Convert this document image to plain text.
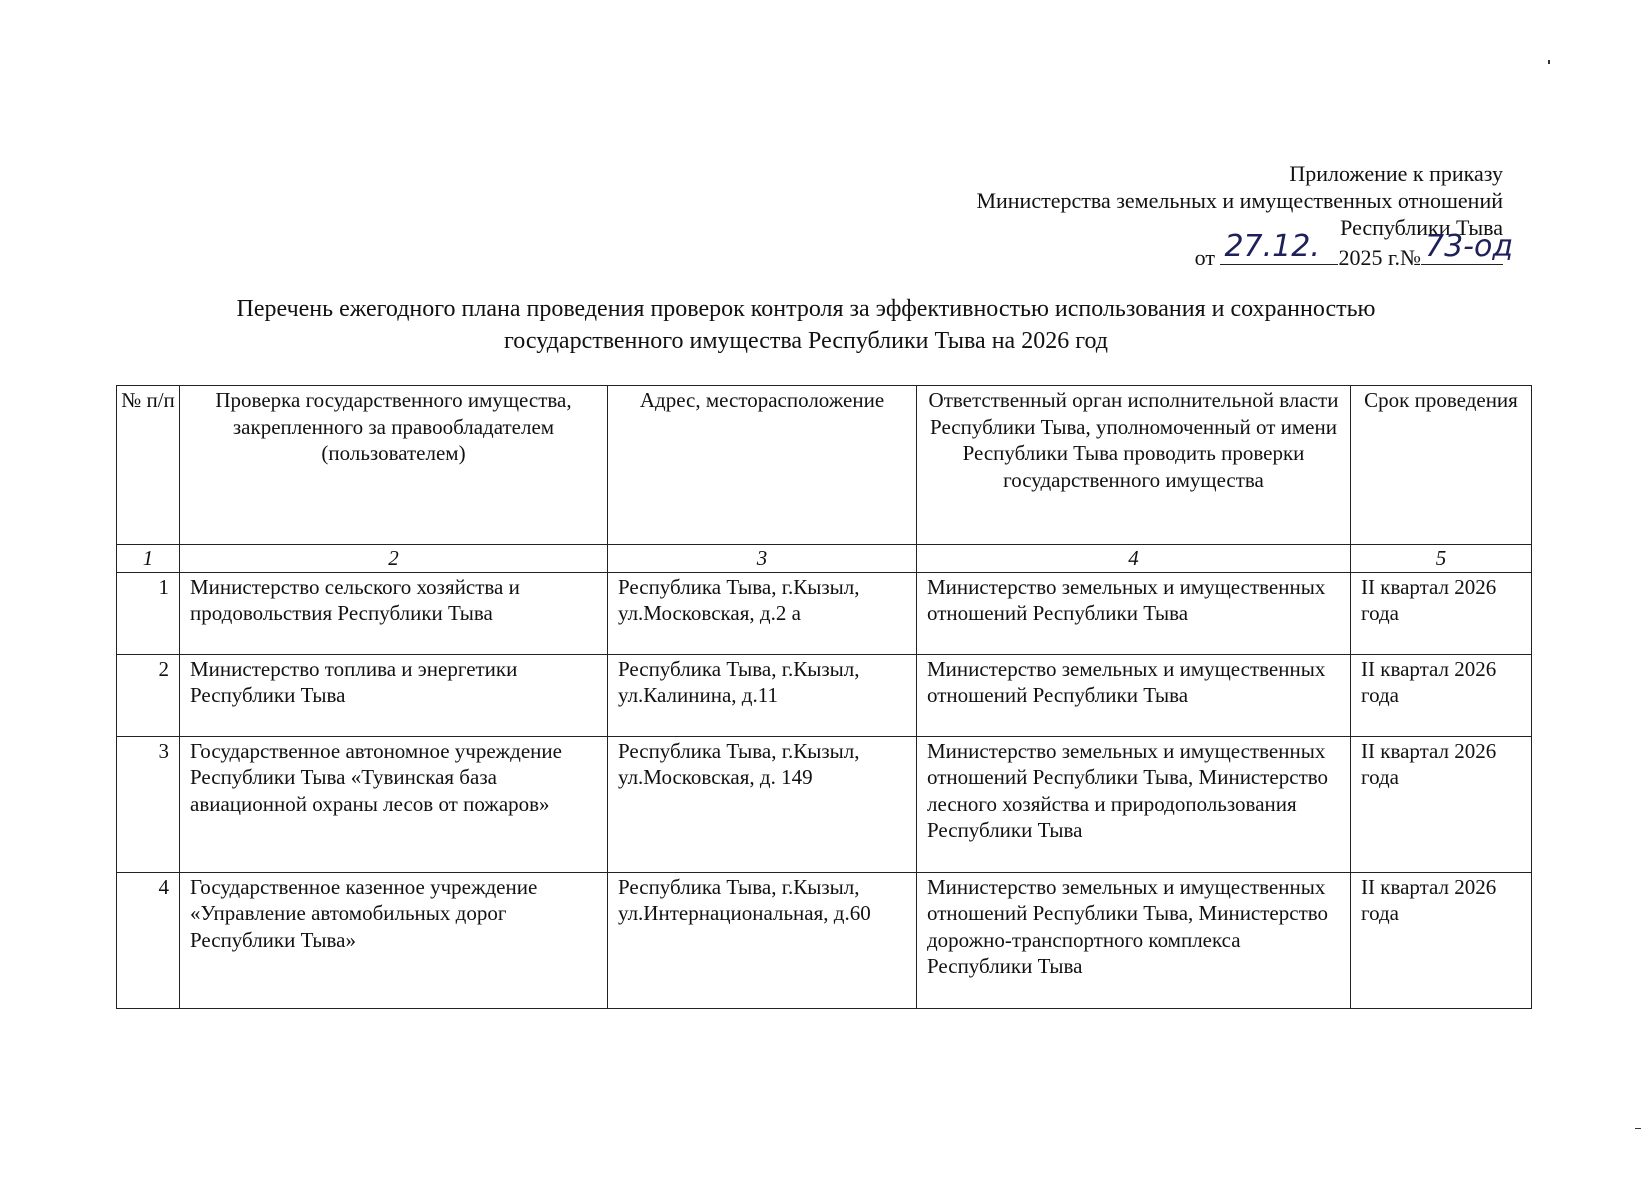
Приложение к приказу
Министерства земельных и имущественных отношений
Республики Тыва
от 27.12. 2025 г.№ 73-од
Перечень ежегодного плана проведения проверок контроля за эффективностью использования и сохранностью
государственного имущества Республики Тыва на 2026 год
№ п/п	Проверка государственного имущества, закрепленного за правообладателем (пользователем)	Адрес, месторасположение	Ответственный орган исполнительной власти Республики Тыва, уполномоченный от имени Республики Тыва проводить проверки государственного имущества	Срок проведения
1	2	3	4	5
1	Министерство сельского хозяйства и продовольствия Республики Тыва	Республика Тыва, г.Кызыл, ул.Московская, д.2 а	Министерство земельных и имущественных отношений Республики Тыва	II квартал 2026 года
2	Министерство топлива и энергетики Республики Тыва	Республика Тыва, г.Кызыл, ул.Калинина, д.11	Министерство земельных и имущественных отношений Республики Тыва	II квартал 2026 года
3	Государственное автономное учреждение Республики Тыва «Тувинская база авиационной охраны лесов от пожаров»	Республика Тыва, г.Кызыл, ул.Московская, д. 149	Министерство земельных и имущественных отношений Республики Тыва, Министерство лесного хозяйства и природопользования Республики Тыва	II квартал 2026 года
4	Государственное казенное учреждение «Управление автомобильных дорог Республики Тыва»	Республика Тыва, г.Кызыл, ул.Интернациональная, д.60	Министерство земельных и имущественных отношений Республики Тыва, Министерство дорожно-транспортного комплекса Республики Тыва	II квартал 2026 года
